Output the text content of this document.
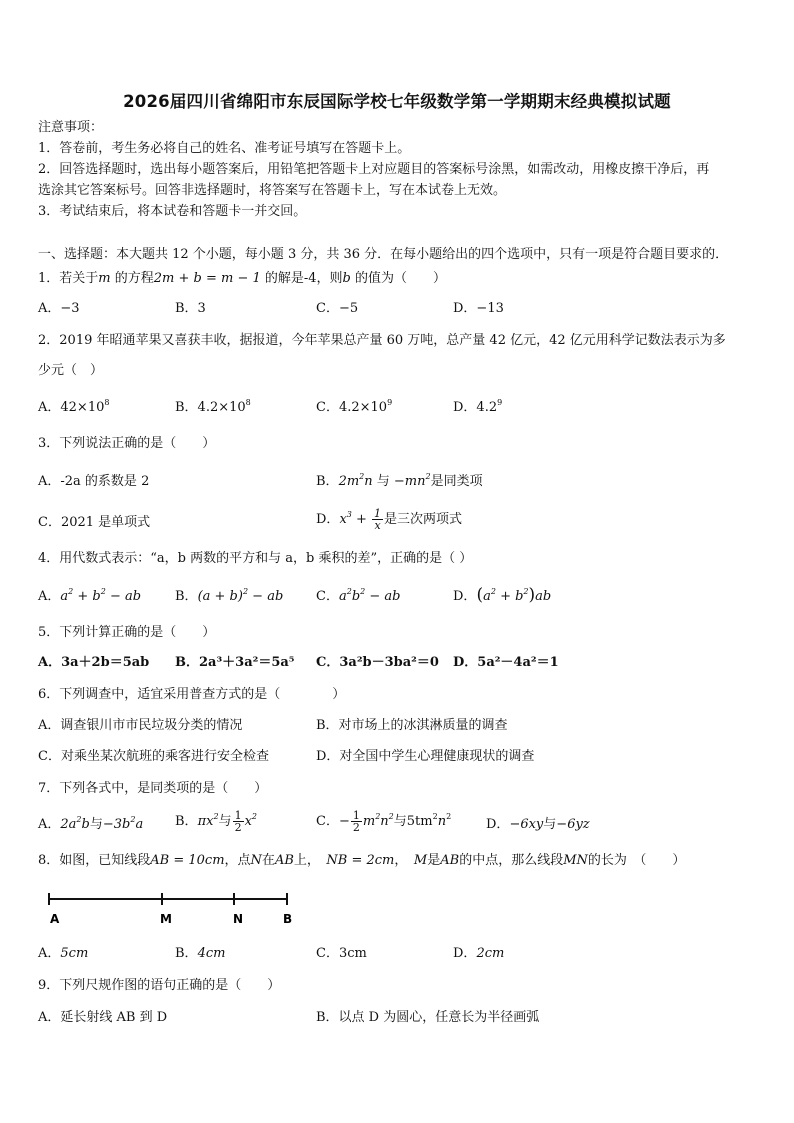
2026届四川省绵阳市东辰国际学校七年级数学第一学期期末经典模拟试题
注意事项：
1．答卷前，考生务必将自己的姓名、准考证号填写在答题卡上。
2．回答选择题时，选出每小题答案后，用铅笔把答题卡上对应题目的答案标号涂黑，如需改动，用橡皮擦干净后，再
选涂其它答案标号。回答非选择题时，将答案写在答题卡上，写在本试卷上无效。
3．考试结束后，将本试卷和答题卡一并交回。
一、选择题：本大题共 12 个小题，每小题 3 分，共 36 分．在每小题给出的四个选项中，只有一项是符合题目要求的．
1．若关于m 的方程2m + b = m − 1 的解是-4，则b 的值为（　　）
A．−3	B．3	C．−5	D．−13
2．2019 年昭通苹果又喜获丰收，据报道，今年苹果总产量 60 万吨，总产量 42 亿元，42 亿元用科学记数法表示为多
少元（　）
A．$42\times 10^8$	B．$4.2\times 10^8$	C．$4.2\times 10^9$	D．$4.2^9$
3．下列说法正确的是（　　）
A．-2a 的系数是 2	B．$2m^2n$ 与 $-mn^2$是同类项
C．2021 是单项式	D．$x^3 + \frac{1}{x}$ 是三次两项式
4．用代数式表示：“a，b 两数的平方和与 a，b 乘积的差”，正确的是（ ）
A．$a^2 + b^2$ − ab	B．$(a + b)^2$ − ab	C．$a^2b^2$ − ab	D．$(a^2 + b^2)ab$
5．下列计算正确的是（　　）
A．3a＋2b＝5ab B．2a³＋3a²＝5a⁵ C．3a²b－3ba²＝0 D．5a²－4a²＝1
6．下列调查中，适宜采用普查方式的是（　　　　）
A．调查银川市市民垃圾分类的情况	B．对市场上的冰淇淋质量的调查
C．对乘坐某次航班的乘客进行安全检查	D．对全国中学生心理健康现状的调查
7．下列各式中，是同类项的是（　　）
A．$2a^2b$与$-3b^2a$ B．$\pi x^2$与 $\frac{1}{2} x^2$	C．− $\frac{1}{2} m^2n^2$与$5tm^2n^2$
D．−6xy与−6yz
8．如图，已知线段AB = 10cm，点N在AB上，　 NB = 2cm，　 M是AB的中点，那么线段MN的长为　（　　）
A	M	N	B
A．5cm	B．4cm	C．3cm	D．2cm
9．下列尺规作图的语句正确的是（　　）
A．延长射线 AB 到 D	B．以点 D 为圆心，任意长为半径画弧
